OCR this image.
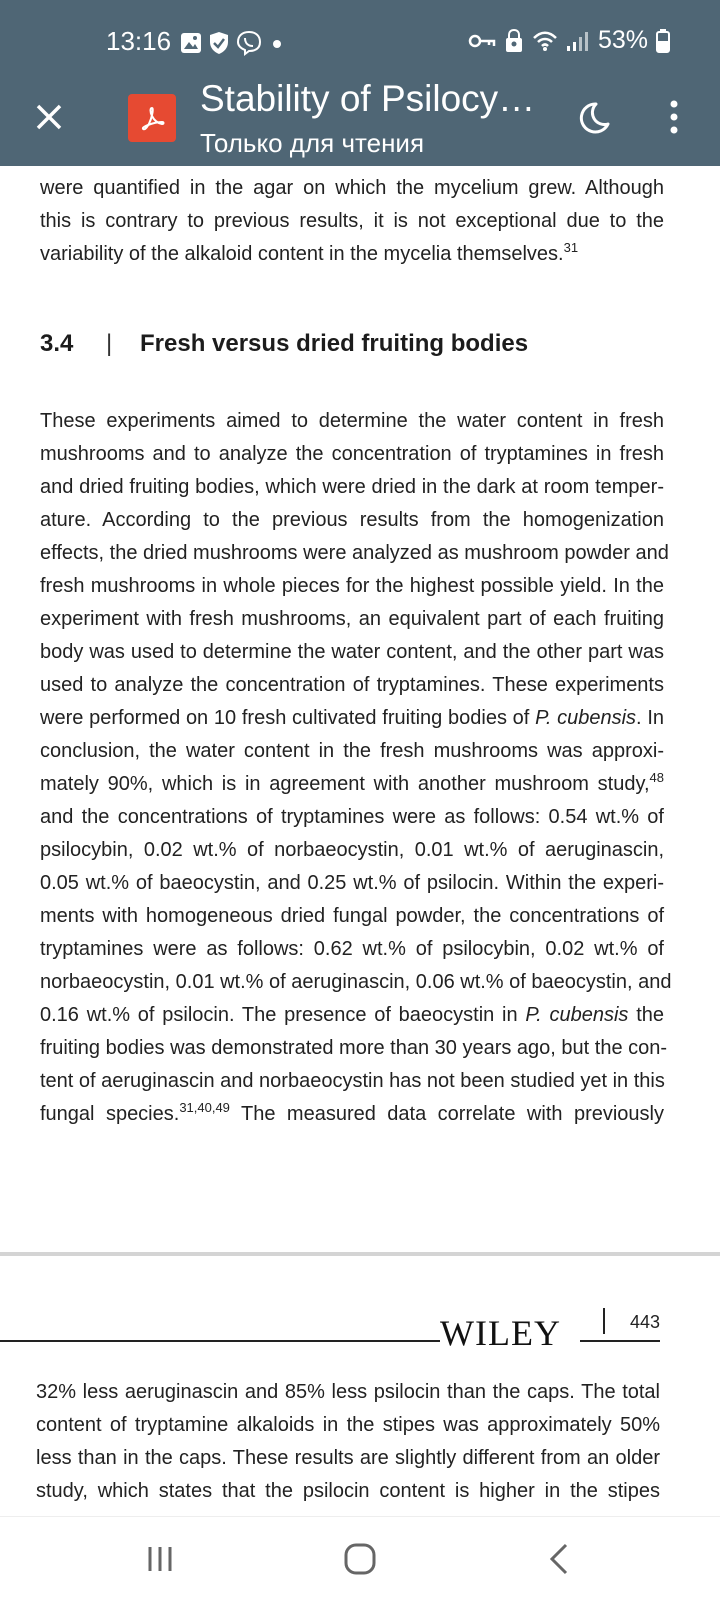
13:16	53%
Stability of Psilocy…
Только для чтения
were quantified in the agar on which the mycelium grew. Although
this is contrary to previous results, it is not exceptional due to the
variability of the alkaloid content in the mycelia themselves.$^{31}$
3.4 | Fresh versus dried fruiting bodies
These experiments aimed to determine the water content in fresh
mushrooms and to analyze the concentration of tryptamines in fresh
and dried fruiting bodies, which were dried in the dark at room temper-
ature. According to the previous results from the homogenization
effects, the dried mushrooms were analyzed as mushroom powder and
fresh mushrooms in whole pieces for the highest possible yield. In the
experiment with fresh mushrooms, an equivalent part of each fruiting
body was used to determine the water content, and the other part was
used to analyze the concentration of tryptamines. These experiments
were performed on 10 fresh cultivated fruiting bodies of P. cubensis. In
conclusion, the water content in the fresh mushrooms was approxi-
mately 90%, which is in agreement with another mushroom study,$^{48}$
and the concentrations of tryptamines were as follows: 0.54 wt.% of
psilocybin, 0.02 wt.% of norbaeocystin, 0.01 wt.% of aeruginascin,
0.05 wt.% of baeocystin, and 0.25 wt.% of psilocin. Within the experi-
ments with homogeneous dried fungal powder, the concentrations of
tryptamines were as follows: 0.62 wt.% of psilocybin, 0.02 wt.% of
norbaeocystin, 0.01 wt.% of aeruginascin, 0.06 wt.% of baeocystin, and
0.16 wt.% of psilocin. The presence of baeocystin in P. cubensis the
fruiting bodies was demonstrated more than 30 years ago, but the con-
tent of aeruginascin and norbaeocystin has not been studied yet in this
fungal species.$^{31,40,49}$ The measured data correlate with previously
WILEY	443
32% less aeruginascin and 85% less psilocin than the caps. The total
content of tryptamine alkaloids in the stipes was approximately 50%
less than in the caps. These results are slightly different from an older
study, which states that the psilocin content is higher in the stipes
